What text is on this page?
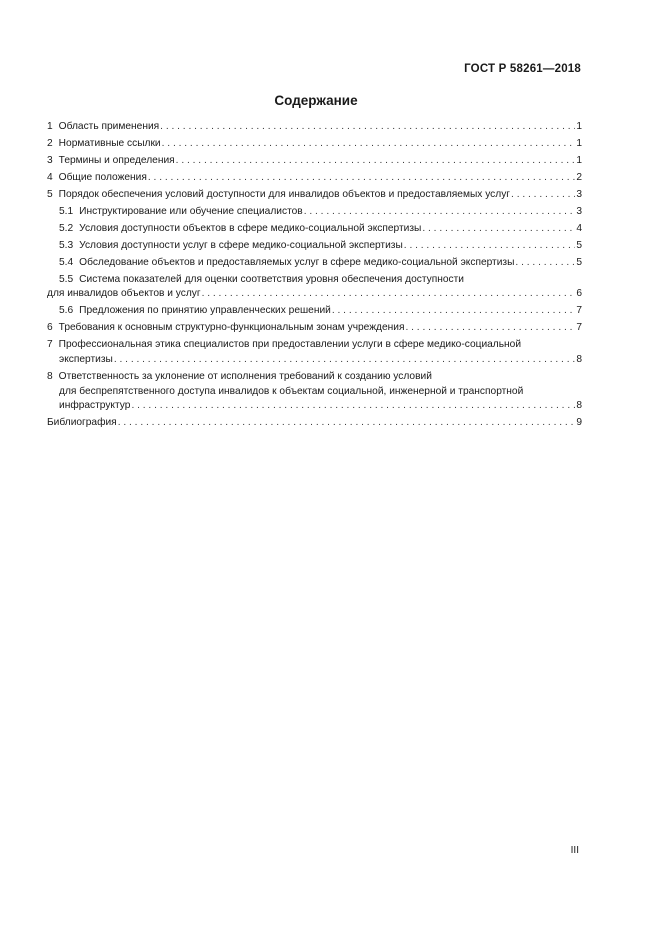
ГОСТ Р 58261—2018
Содержание
1 Область применения . . .	1
2 Нормативные ссылки . . .	1
3 Термины и определения . . .	1
4 Общие положения . . .	2
5 Порядок обеспечения условий доступности для инвалидов объектов и предоставляемых услуг . . .	3
5.1 Инструктирование или обучение специалистов . . .	3
5.2 Условия доступности объектов в сфере медико-социальной экспертизы . . .	4
5.3 Условия доступности услуг в сфере медико-социальной экспертизы . . .	5
5.4 Обследование объектов и предоставляемых услуг в сфере медико-социальной экспертизы . . .	5
5.5 Система показателей для оценки соответствия уровня обеспечения доступности
для инвалидов объектов и услуг . . .	6
5.6 Предложения по принятию управленческих решений . . .	7
6 Требования к основным структурно-функциональным зонам учреждения . . .	7
7 Профессиональная этика специалистов при предоставлении услуги в сфере медико-социальной
экспертизы . . .	8
8 Ответственность за уклонение от исполнения требований к созданию условий
для беспрепятственного доступа инвалидов к объектам социальной, инженерной и транспортной
инфраструктур . . .	8
Библиография . . .	9
III
